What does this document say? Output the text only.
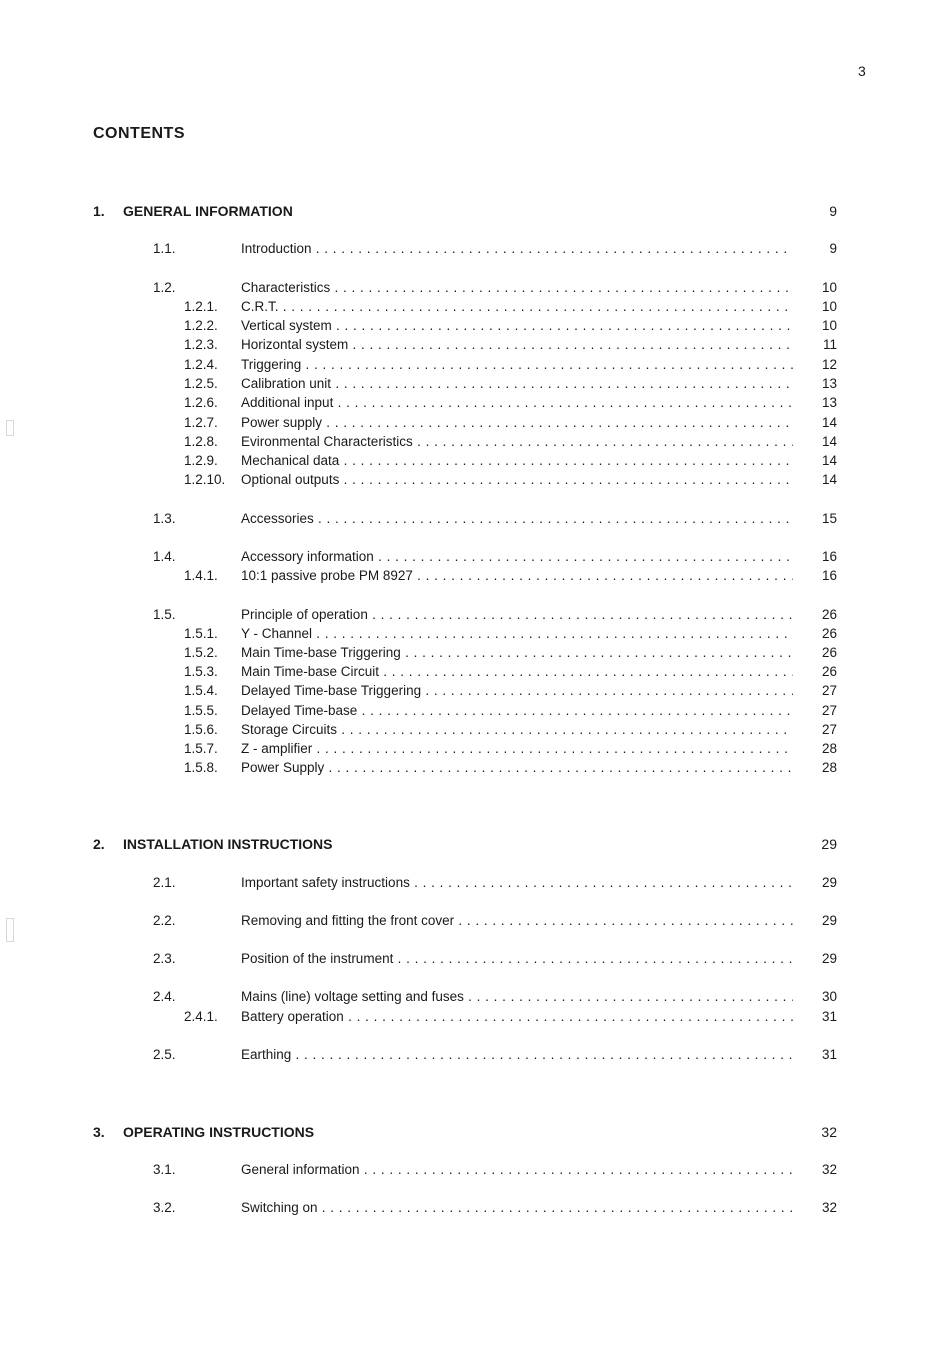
3
CONTENTS
1. GENERAL INFORMATION	9
1.1.	Introduction . . .	9
1.2.	Characteristics . . .	10
1.2.1. C.R.T. . . .	10
1.2.2. Vertical system . . .	10
1.2.3. Horizontal system . . .	11
1.2.4. Triggering . . .	12
1.2.5. Calibration unit . . .	13
1.2.6. Additional input . . .	13
1.2.7. Power supply . . .	14
1.2.8. Evironmental Characteristics . . .	14
1.2.9. Mechanical data . . .	14
1.2.10. Optional outputs . . .	14
1.3.	Accessories . . .	15
1.4.	Accessory information . . .	16
1.4.1. 10:1 passive probe PM 8927 . . .	16
1.5.	Principle of operation . . .	26
1.5.1. Y - Channel . . .	26
1.5.2. Main Time-base Triggering . . .	26
1.5.3. Main Time-base Circuit . . .	26
1.5.4. Delayed Time-base Triggering . . .	27
1.5.5. Delayed Time-base . . .	27
1.5.6. Storage Circuits . . .	27
1.5.7. Z - amplifier . . .	28
1.5.8. Power Supply . . .	28
2. INSTALLATION INSTRUCTIONS	29
2.1.	Important safety instructions . . .	29
2.2.	Removing and fitting the front cover . . .	29
2.3.	Position of the instrument . . .	29
2.4.	Mains (line) voltage setting and fuses . . .	30
2.4.1. Battery operation . . .	31
2.5.	Earthing . . .	31
3. OPERATING INSTRUCTIONS	32
3.1.	General information . . .	32
3.2.	Switching on . . .	32
